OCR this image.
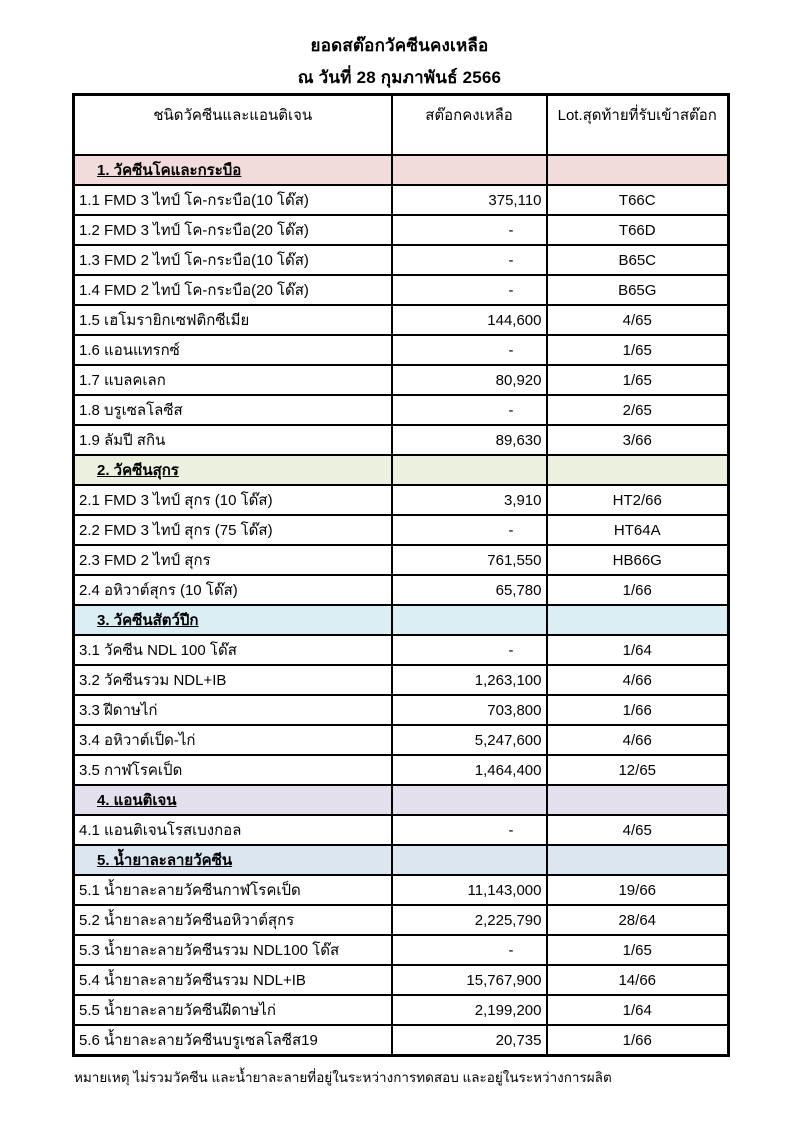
ยอดสต๊อกวัคซีนคงเหลือ
ณ วันที่ 28 กุมภาพันธ์ 2566
ชนิดวัคซีนและแอนติเจน	สต๊อกคงเหลือ	Lot.สุดท้ายที่รับเข้าสต๊อก
1. วัคซีนโคและกระบือ		
1.1 FMD 3 ไทป์ โค-กระบือ(10 โด๊ส)	375,110	T66C
1.2 FMD 3 ไทป์ โค-กระบือ(20 โด๊ส)	-	T66D
1.3 FMD 2 ไทป์ โค-กระบือ(10 โด๊ส)	-	B65C
1.4 FMD 2 ไทป์ โค-กระบือ(20 โด๊ส)	-	B65G
1.5 เฮโมรายิกเซฟติกซีเมีย	144,600	4/65
1.6 แอนแทรกซ์	-	1/65
1.7 แบลคเลก	80,920	1/65
1.8 บรูเซลโลซีส	-	2/65
1.9 ลัมปี สกิน	89,630	3/66
2. วัคซีนสุกร		
2.1 FMD 3 ไทป์ สุกร (10 โด๊ส)	3,910	HT2/66
2.2 FMD 3 ไทป์ สุกร (75 โด๊ส)	-	HT64A
2.3 FMD 2 ไทป์ สุกร	761,550	HB66G
2.4 อหิวาต์สุกร (10 โด๊ส)	65,780	1/66
3. วัคซีนสัตว์ปีก		
3.1 วัคซีน NDL 100 โด๊ส	-	1/64
3.2 วัคซีนรวม NDL+IB	1,263,100	4/66
3.3 ฝีดาษไก่	703,800	1/66
3.4 อหิวาต์เป็ด-ไก่	5,247,600	4/66
3.5 กาฬโรคเป็ด	1,464,400	12/65
4. แอนติเจน		
4.1 แอนติเจนโรสเบงกอล	-	4/65
5. น้ำยาละลายวัคซีน		
5.1 น้ำยาละลายวัคซีนกาฬโรคเป็ด	11,143,000	19/66
5.2 น้ำยาละลายวัคซีนอหิวาต์สุกร	2,225,790	28/64
5.3 น้ำยาละลายวัคซีนรวม NDL100 โด๊ส	-	1/65
5.4 น้ำยาละลายวัคซีนรวม NDL+IB	15,767,900	14/66
5.5 น้ำยาละลายวัคซีนฝีดาษไก่	2,199,200	1/64
5.6 น้ำยาละลายวัคซีนบรูเซลโลซีส19	20,735	1/66
หมายเหตุ ไม่รวมวัคซีน และน้ำยาละลายที่อยู่ในระหว่างการทดสอบ และอยู่ในระหว่างการผลิต
